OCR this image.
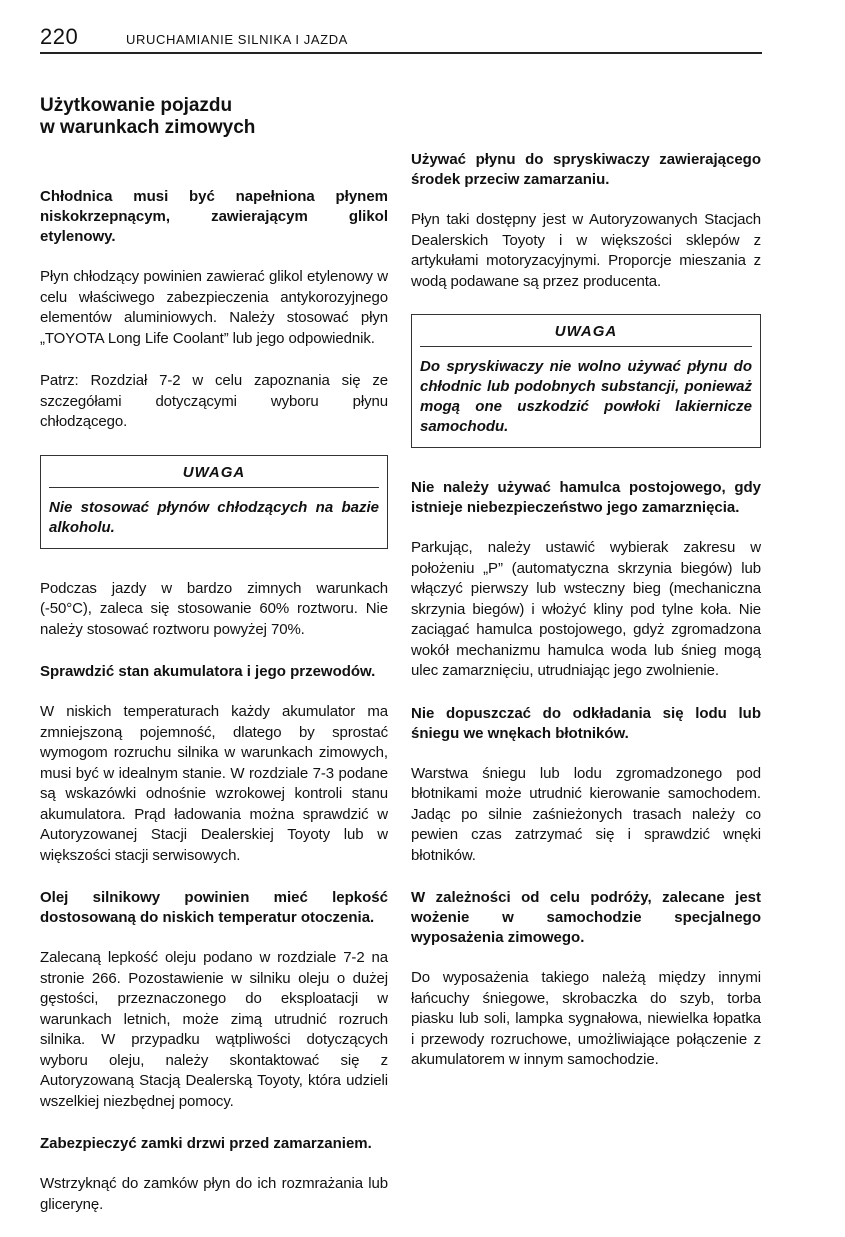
220	URUCHAMIANIE SILNIKA I JAZDA
Użytkowanie pojazdu
w warunkach zimowych
Chłodnica musi być napełniona płynem niskokrzepnącym, zawierającym glikol etylenowy.
Płyn chłodzący powinien zawierać glikol etylenowy w celu właściwego zabezpieczenia antykorozyjnego elementów aluminiowych. Należy stosować płyn „TOYOTA Long Life Coolant” lub jego odpowiednik.
Patrz: Rozdział 7-2 w celu zapoznania się ze szczegółami dotyczącymi wyboru płynu chłodzącego.
UWAGA
Nie stosować płynów chłodzących na bazie alkoholu.
Podczas jazdy w bardzo zimnych warunkach (-50°C), zaleca się stosowanie 60% roztworu. Nie należy stosować roztworu powyżej 70%.
Sprawdzić stan akumulatora i jego przewodów.
W niskich temperaturach każdy akumulator ma zmniejszoną pojemność, dlatego by sprostać wymogom rozruchu silnika w warunkach zimowych, musi być w idealnym stanie. W rozdziale 7-3 podane są wskazówki odnośnie wzrokowej kontroli stanu akumulatora. Prąd ładowania można sprawdzić w Autoryzowanej Stacji Dealerskiej Toyoty lub w większości stacji serwisowych.
Olej silnikowy powinien mieć lepkość dostosowaną do niskich temperatur otoczenia.
Zalecaną lepkość oleju podano w rozdziale 7-2 na stronie 266. Pozostawienie w silniku oleju o dużej gęstości, przeznaczonego do eksploatacji w warunkach letnich, może zimą utrudnić rozruch silnika. W przypadku wątpliwości dotyczących wyboru oleju, należy skontaktować się z Autoryzowaną Stacją Dealerską Toyoty, która udzieli wszelkiej niezbędnej pomocy.
Zabezpieczyć zamki drzwi przed zamarzaniem.
Wstrzyknąć do zamków płyn do ich rozmrażania lub glicerynę.
Używać płynu do spryskiwaczy zawierającego środek przeciw zamarzaniu.
Płyn taki dostępny jest w Autoryzowanych Stacjach Dealerskich Toyoty i w większości sklepów z artykułami motoryzacyjnymi. Proporcje mieszania z wodą podawane są przez producenta.
UWAGA
Do spryskiwaczy nie wolno używać płynu do chłodnic lub podobnych substancji, ponieważ mogą one uszkodzić powłoki lakiernicze samochodu.
Nie należy używać hamulca postojowego, gdy istnieje niebezpieczeństwo jego zamarznięcia.
Parkując, należy ustawić wybierak zakresu w położeniu „P” (automatyczna skrzynia biegów) lub włączyć pierwszy lub wsteczny bieg (mechaniczna skrzynia biegów) i włożyć kliny pod tylne koła. Nie zaciągać hamulca postojowego, gdyż zgromadzona wokół mechanizmu hamulca woda lub śnieg mogą ulec zamarznięciu, utrudniając jego zwolnienie.
Nie dopuszczać do odkładania się lodu lub śniegu we wnękach błotników.
Warstwa śniegu lub lodu zgromadzonego pod błotnikami może utrudnić kierowanie samochodem. Jadąc po silnie zaśnieżonych trasach należy co pewien czas zatrzymać się i sprawdzić wnęki błotników.
W zależności od celu podróży, zalecane jest wożenie w samochodzie specjalnego wyposażenia zimowego.
Do wyposażenia takiego należą między innymi łańcuchy śniegowe, skrobaczka do szyb, torba piasku lub soli, lampka sygnałowa, niewielka łopatka i przewody rozruchowe, umożliwiające połączenie z akumulatorem w innym samochodzie.
